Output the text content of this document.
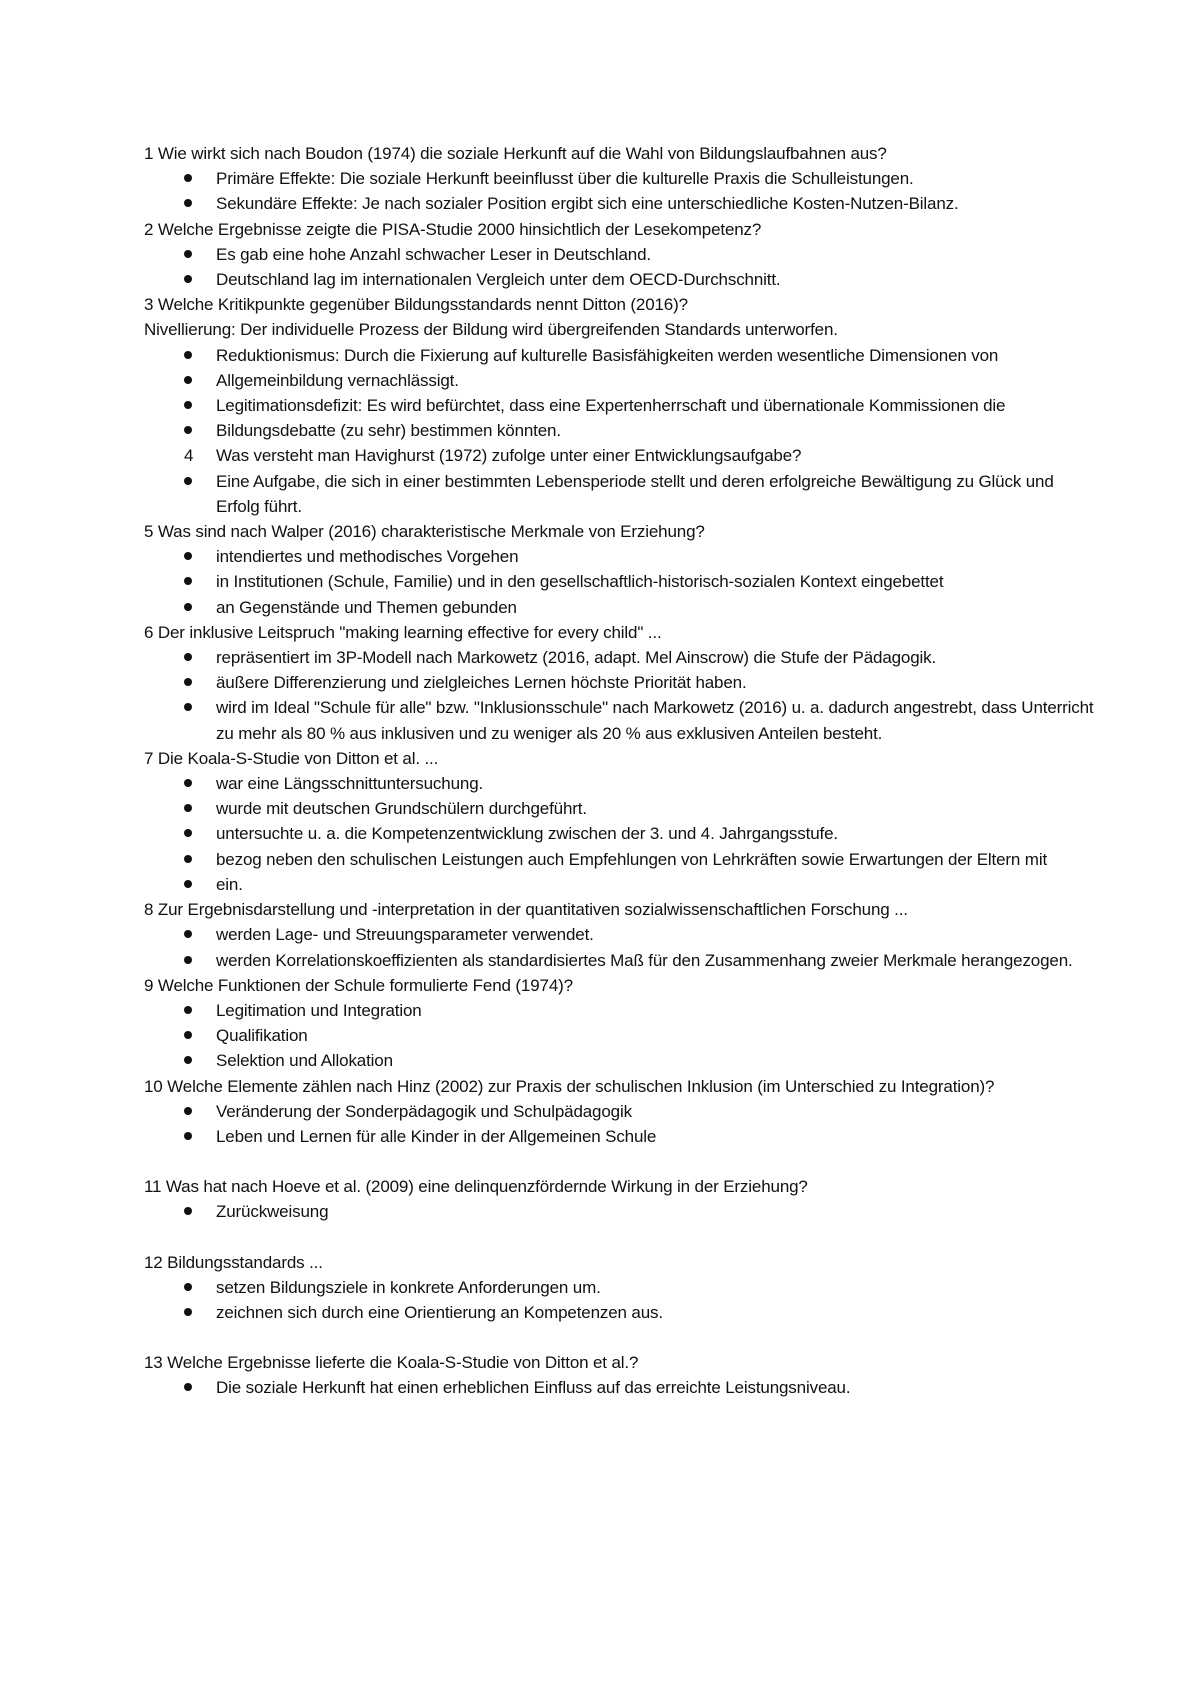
1 Wie wirkt sich nach Boudon (1974) die soziale Herkunft auf die Wahl von Bildungslaufbahnen aus?

Primäre Effekte: Die soziale Herkunft beeinflusst über die kulturelle Praxis die Schulleistungen.
Sekundäre Effekte: Je nach sozialer Position ergibt sich eine unterschiedliche Kosten-Nutzen-Bilanz.

2 Welche Ergebnisse zeigte die PISA-Studie 2000 hinsichtlich der Lesekompetenz?

Es gab eine hohe Anzahl schwacher Leser in Deutschland.
Deutschland lag im internationalen Vergleich unter dem OECD-Durchschnitt.

3 Welche Kritikpunkte gegenüber Bildungsstandards nennt Ditton (2016)?

Nivellierung: Der individuelle Prozess der Bildung wird übergreifenden Standards unterworfen.

Reduktionismus: Durch die Fixierung auf kulturelle Basisfähigkeiten werden wesentliche Dimensionen von
Allgemeinbildung vernachlässigt.
Legitimationsdefizit: Es wird befürchtet, dass eine Expertenherrschaft und übernationale Kommissionen die
Bildungsdebatte (zu sehr) bestimmen könnten.
4	Was versteht man Havighurst (1972) zufolge unter einer Entwicklungsaufgabe?
Eine Aufgabe, die sich in einer bestimmten Lebensperiode stellt und deren erfolgreiche Bewältigung zu Glück und Erfolg führt.

5 Was sind nach Walper (2016) charakteristische Merkmale von Erziehung?

intendiertes und methodisches Vorgehen
in Institutionen (Schule, Familie) und in den gesellschaftlich-historisch-sozialen Kontext eingebettet
an Gegenstände und Themen gebunden

6 Der inklusive Leitspruch "making learning effective for every child" ...

repräsentiert im 3P-Modell nach Markowetz (2016, adapt. Mel Ainscrow) die Stufe der Pädagogik.
äußere Differenzierung und zielgleiches Lernen höchste Priorität haben.
wird im Ideal "Schule für alle" bzw. "Inklusionsschule" nach Markowetz (2016) u. a. dadurch angestrebt, dass Unterricht zu mehr als 80 % aus inklusiven und zu weniger als 20 % aus exklusiven Anteilen besteht.

7 Die Koala-S-Studie von Ditton et al. ...

war eine Längsschnittuntersuchung.
wurde mit deutschen Grundschülern durchgeführt.
untersuchte u. a. die Kompetenzentwicklung zwischen der 3. und 4. Jahrgangsstufe.
bezog neben den schulischen Leistungen auch Empfehlungen von Lehrkräften sowie Erwartungen der Eltern mit
ein.

8 Zur Ergebnisdarstellung und -interpretation in der quantitativen sozialwissenschaftlichen Forschung ...

werden Lage- und Streuungsparameter verwendet.
werden Korrelationskoeffizienten als standardisiertes Maß für den Zusammenhang zweier Merkmale herangezogen.

9 Welche Funktionen der Schule formulierte Fend (1974)?

Legitimation und Integration
Qualifikation
Selektion und Allokation

10 Welche Elemente zählen nach Hinz (2002) zur Praxis der schulischen Inklusion (im Unterschied zu Integration)?

Veränderung der Sonderpädagogik und Schulpädagogik
Leben und Lernen für alle Kinder in der Allgemeinen Schule

11 Was hat nach Hoeve et al. (2009) eine delinquenzfördernde Wirkung in der Erziehung?

Zurückweisung

12 Bildungsstandards ...

setzen Bildungsziele in konkrete Anforderungen um.
zeichnen sich durch eine Orientierung an Kompetenzen aus.

13 Welche Ergebnisse lieferte die Koala-S-Studie von Ditton et al.?

Die soziale Herkunft hat einen erheblichen Einfluss auf das erreichte Leistungsniveau.
